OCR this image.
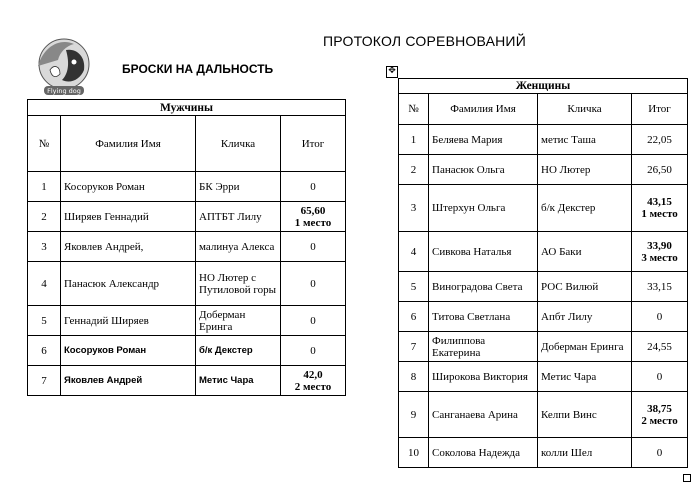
ПРОТОКОЛ СОРЕВНОВАНИЙ
БРОСКИ НА ДАЛЬНОСТЬ
Flying dog
✥
Мужчины			
№	Фамилия Имя	Кличка	Итог
1	Косоруков Роман	БК Эрри	0
2	Ширяев Геннадий	АПТБТ Лилу	65,60
1 место

3	Яковлев Андрей,	малинуа Алекса	0
4	Панасюк Александр	НО Лютер с Путиловой горы	0
5	Геннадий Ширяев	Доберман Еринга	0
6	Косоруков Роман	б/к Декстер	0
7	Яковлев Андрей	Метис Чара	42,0
2 место
Женщины			
№	Фамилия Имя	Кличка	Итог
1	Беляева Мария	метис Таша	22,05
2	Панасюк Ольга	НО Лютер	26,50
3	Штерхун Ольга	б/к Декстер	43,15
1 место

4	Сивкова Наталья	АО Баки	33,90
3 место

5	Виноградова Света	РОС Вилюй	33,15
6	Титова Светлана	Апбт Лилу	0
7	Филиппова Екатерина	Доберман Еринга	24,55
8	Широкова Виктория	Метис Чара	0
9	Санганаева Арина	Келпи Винс	38,75
2 место

10	Соколова Надежда	колли Шел	0
